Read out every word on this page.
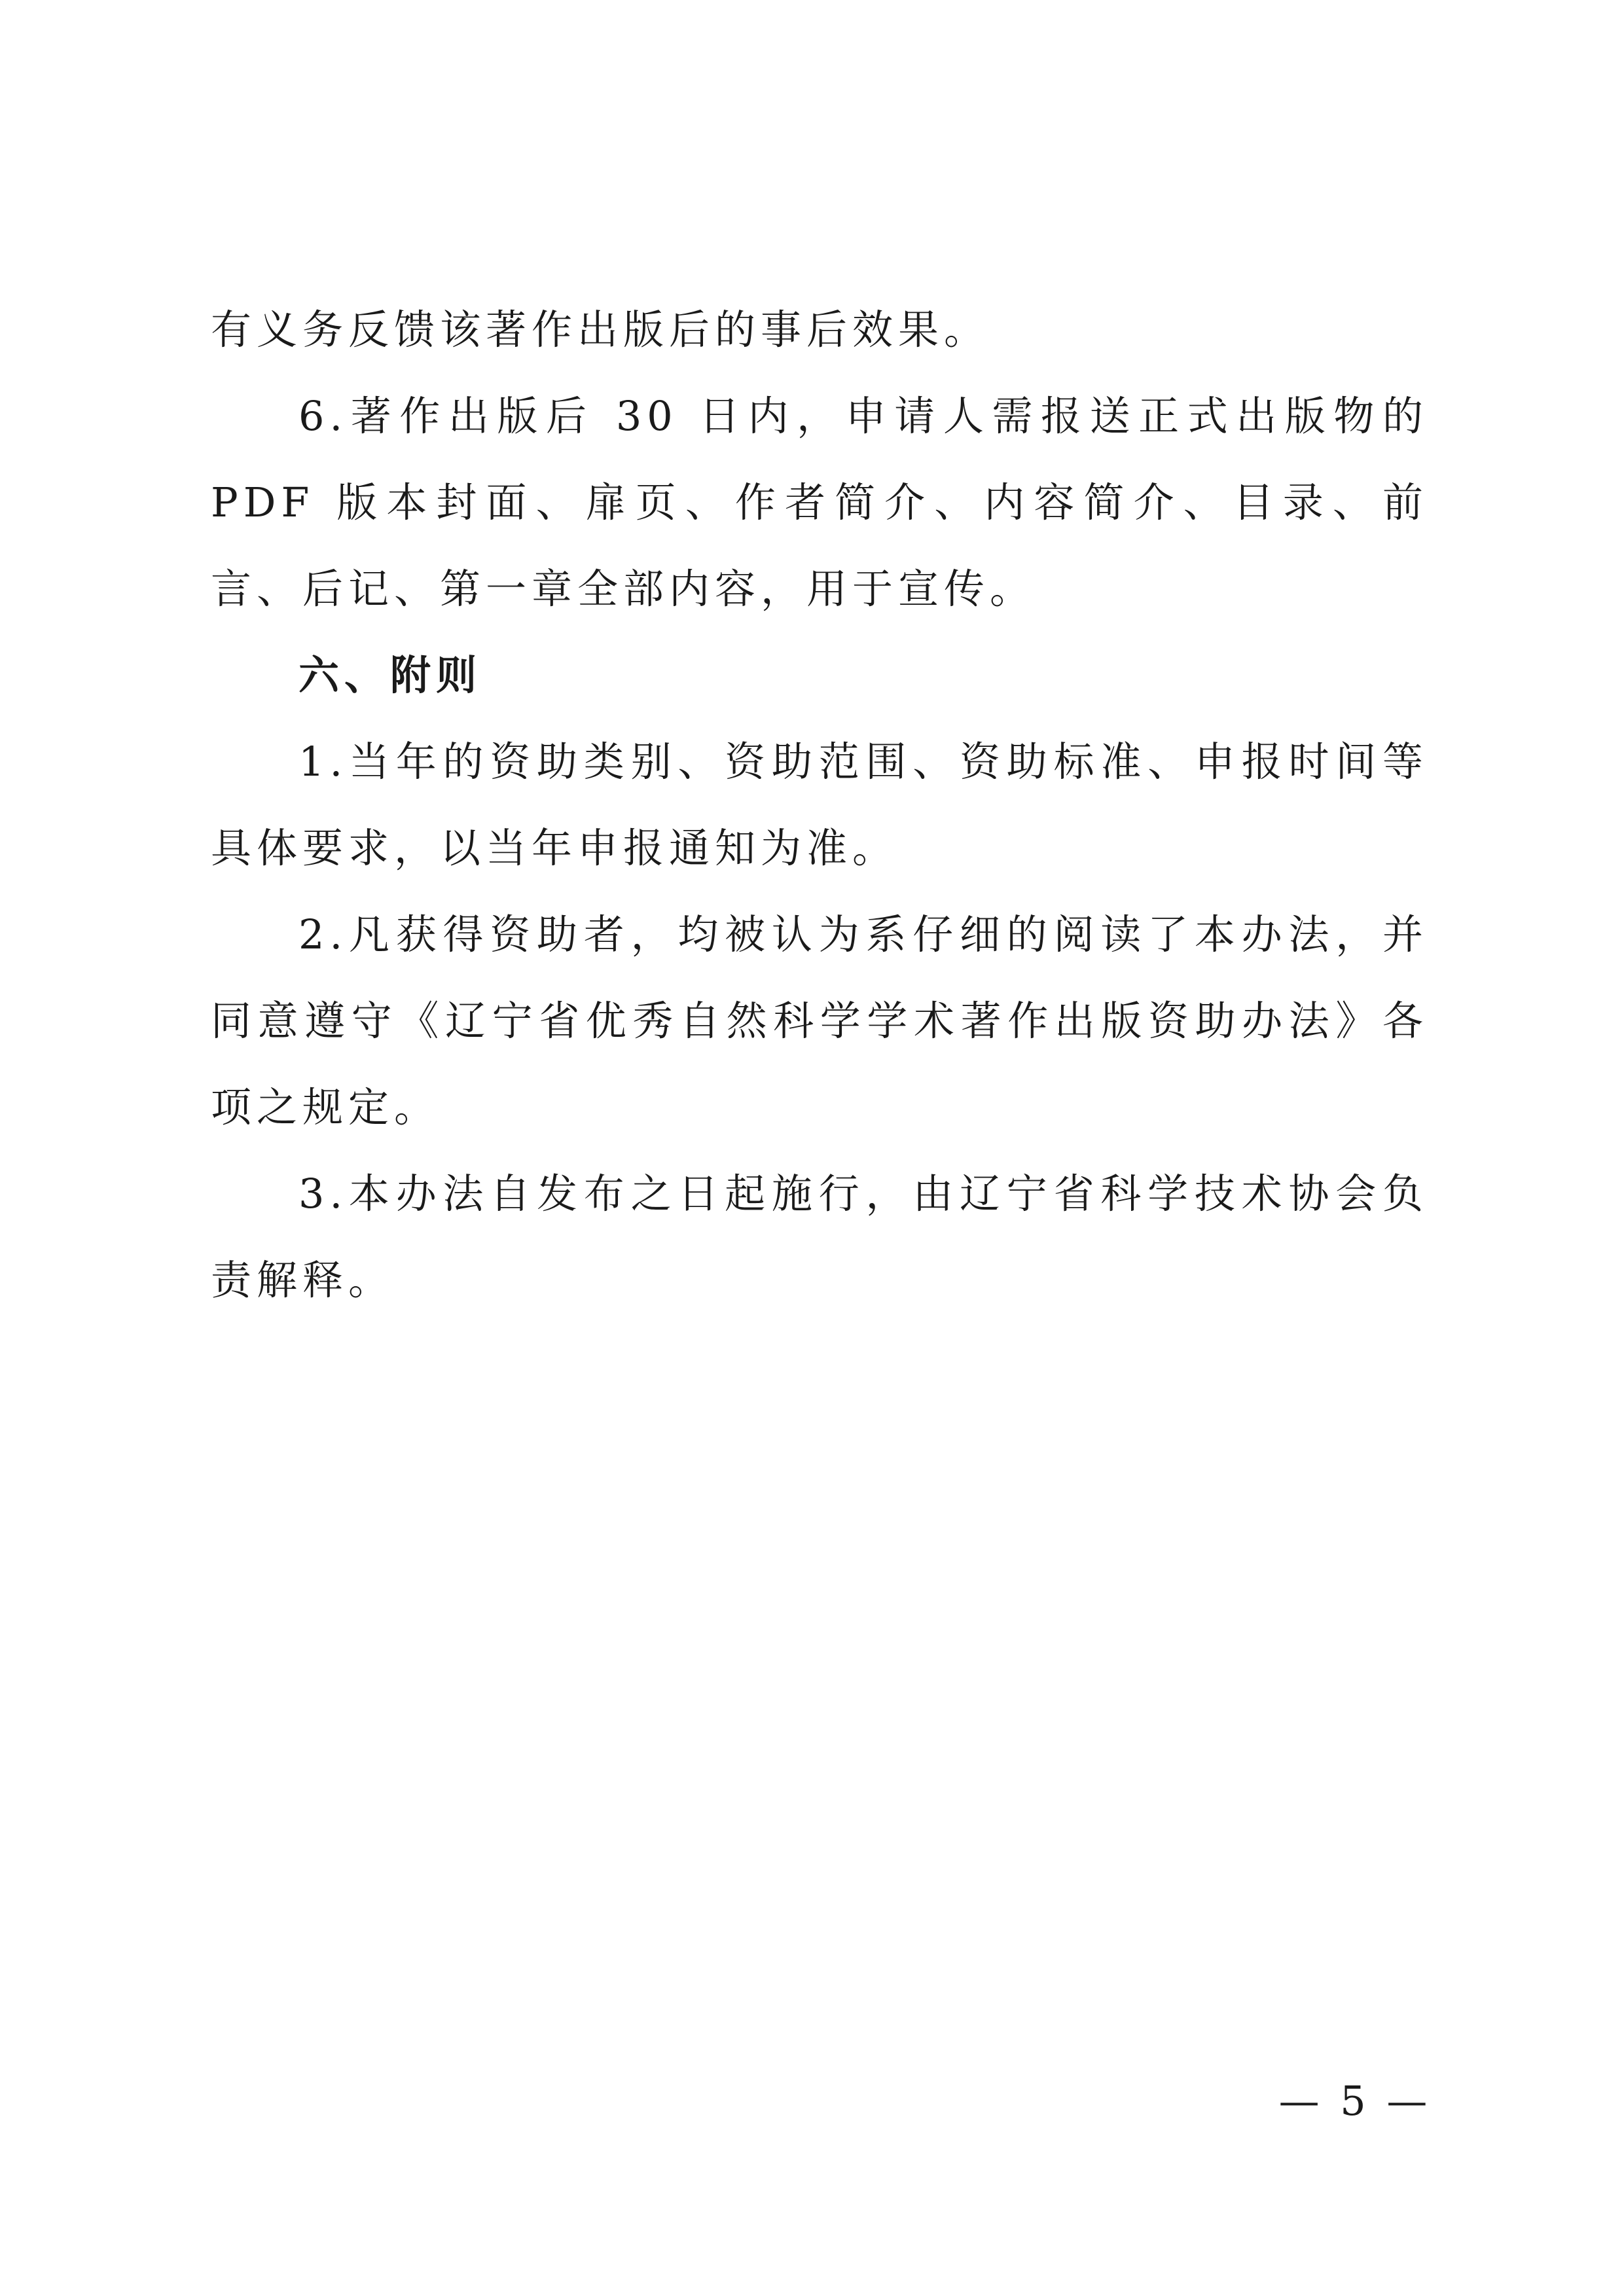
有义务反馈该著作出版后的事后效果。

6.著作出版后 30 日内，申请人需报送正式出版物的 PDF 版本封面、扉页、作者简介、内容简介、目录、前言、后记、第一章全部内容，用于宣传。

六、附则

1.当年的资助类别、资助范围、资助标准、申报时间等具体要求，以当年申报通知为准。

2.凡获得资助者，均被认为系仔细的阅读了本办法，并同意遵守《辽宁省优秀自然科学学术著作出版资助办法》各项之规定。

3.本办法自发布之日起施行，由辽宁省科学技术协会负责解释。

— 5 —
